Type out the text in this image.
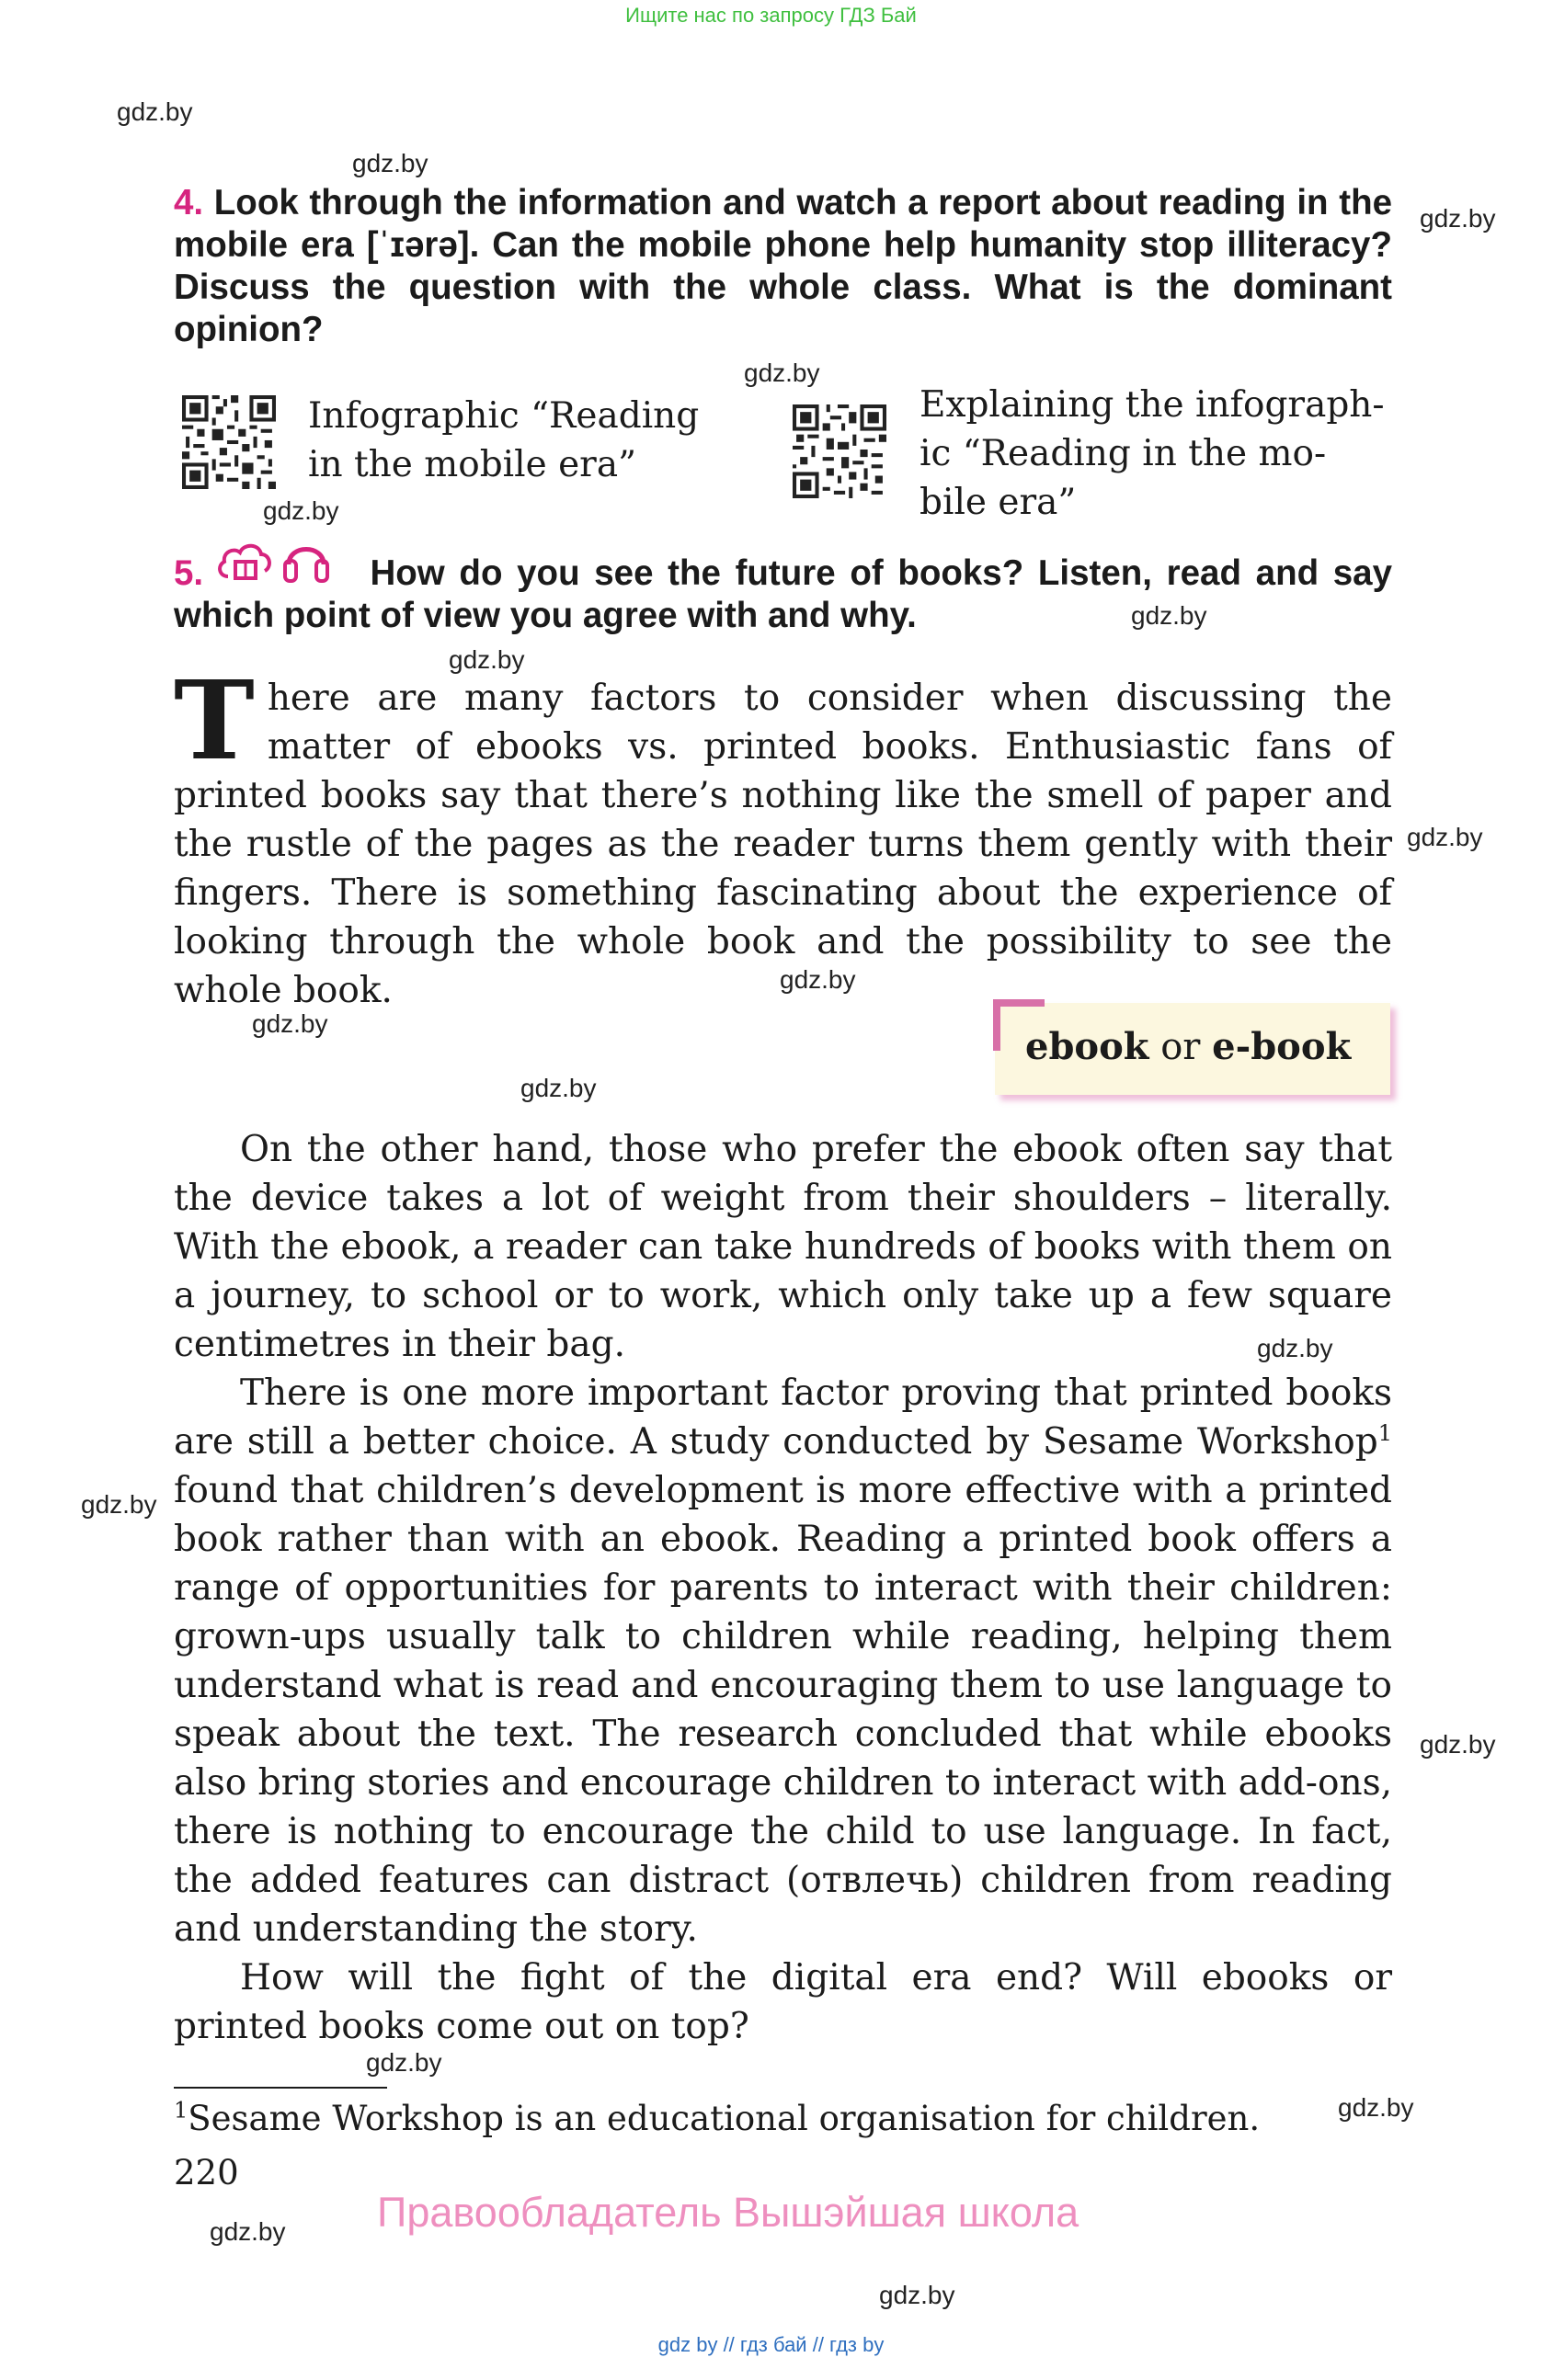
Ищите нас по запросу ГДЗ Бай
gdz.by
gdz.by
gdz.by
gdz.by
gdz.by
gdz.by
gdz.by
gdz.by
gdz.by
gdz.by
gdz.by
gdz.by
gdz.by
gdz.by
gdz.by
gdz.by
gdz.by
gdz.by
4. Look through the information and watch a report about reading in the mobile era [ˈɪərə]. Can the mobile phone help humanity stop illiteracy? Discuss the question with the whole class. What is the dominant opinion?
Infographic “Reading
in the mobile era”
Explaining the infograph-
ic “Reading in the mo-
bile era”
5.	How do you see the future of books? Listen, read and say which point of view you agree with and why.

There are many factors to consider when discussing the matter of ebooks vs. printed books. Enthusiastic fans of printed books say that there’s nothing like the smell of paper and the rustle of the pages as the reader turns them gently with their fingers. There is something fascinating about the experience of looking through the whole book and the possibility to see the whole book.

ebook or e-book

On the other hand, those who prefer the ebook often say that the device takes a lot of weight from their shoulders – literally. With the ebook, a reader can take hundreds of books with them on a journey, to school or to work, which only take up a few square centimetres in their bag.

There is one more important factor proving that printed books are still a better choice. A study conducted by Sesame Workshop$^1$ found that children’s development is more effective with a printed book rather than with an ebook. Reading a printed book offers a range of opportunities for parents to interact with their children: grown-ups usually talk to children while reading, helping them understand what is read and encouraging them to use language to speak about the text. The research concluded that while ebooks also bring stories and encourage children to interact with add-ons, there is nothing to encourage the child to use language. In fact, the added features can distract (отвлечь) children from reading and understanding the story.

How will the fight of the digital era end? Will ebooks or printed books come out on top?

$^1$Sesame Workshop is an educational organisation for children.
220
Правообладатель Вышэйшая школа
gdz by // гдз бай // гдз by
